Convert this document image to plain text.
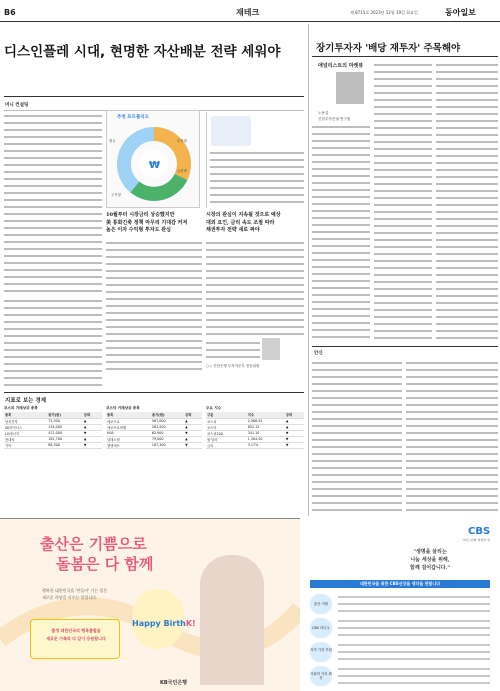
B6	재테크	제 8715호 2023년 12월 19일 화요일	동아일보
디스인플레 시대, 현명한 자산배분 전략 세워야
머니 컨설팅
추천 포트폴리오
₩
원금	투자형
금리형
주식형
10월부터 시장금리 상승했지만
美 통화긴축 정책 마무리 기대감 커져
높은 이자 수익형 투자도 관심
시장의 관심이 지속될 것으로 예상
대외 요인, 금리 속도 조절 따라
채권투자 전략 새로 짜야
○○ 신한은행 투자자문부 전문위원
지표로 보는 경제
코스피 거래상위 종목
종목	종가(원)	등락
삼성전자	73,300	▲
SK하이닉스	134,000	▲
LG에너지	422,000	▼
현대차	182,700	▲
기아	88,300	▼
코스닥 거래상위 종목
종목	종가(원)	등락
에코프로	567,000	▲
에코프로비엠	261,500	▲
HLB	62,900	▼
알테오젠	79,000	▲
엘앤에프	187,300	▼
주요 지수
구분	지수	등락
코스피	2,568.55	▲
코스닥	852.12	▲
코스피200	341.10	▼
원·달러	1,304.50	▼
금리	3.17%	▼
장기투자자 '배당 재투자' 주목해야
애널리스트의 마켓뷰
노용갑
신한투자증권 연구원
안신
출산은 기쁨으로
돌봄은 다 함께
행복한 대한민국을 '만들어' 가는 일은
새로운 희망을 키우는 일입니다.
출생 대한민국의 행복출발을
새로운 가족과 다 같이 응원합니다
Happy BirthK!
KB국민은행
CBS
크리스천의 영원한 벗
"생명을 살리는
나눔 세상을 위해,
함께 걸어갑니다."
대한민국을 위한 CBS신앙을 생각을 전합니다
출산 지원
CBS 라디오
지역 가정 후원
사회적 가치 확산
